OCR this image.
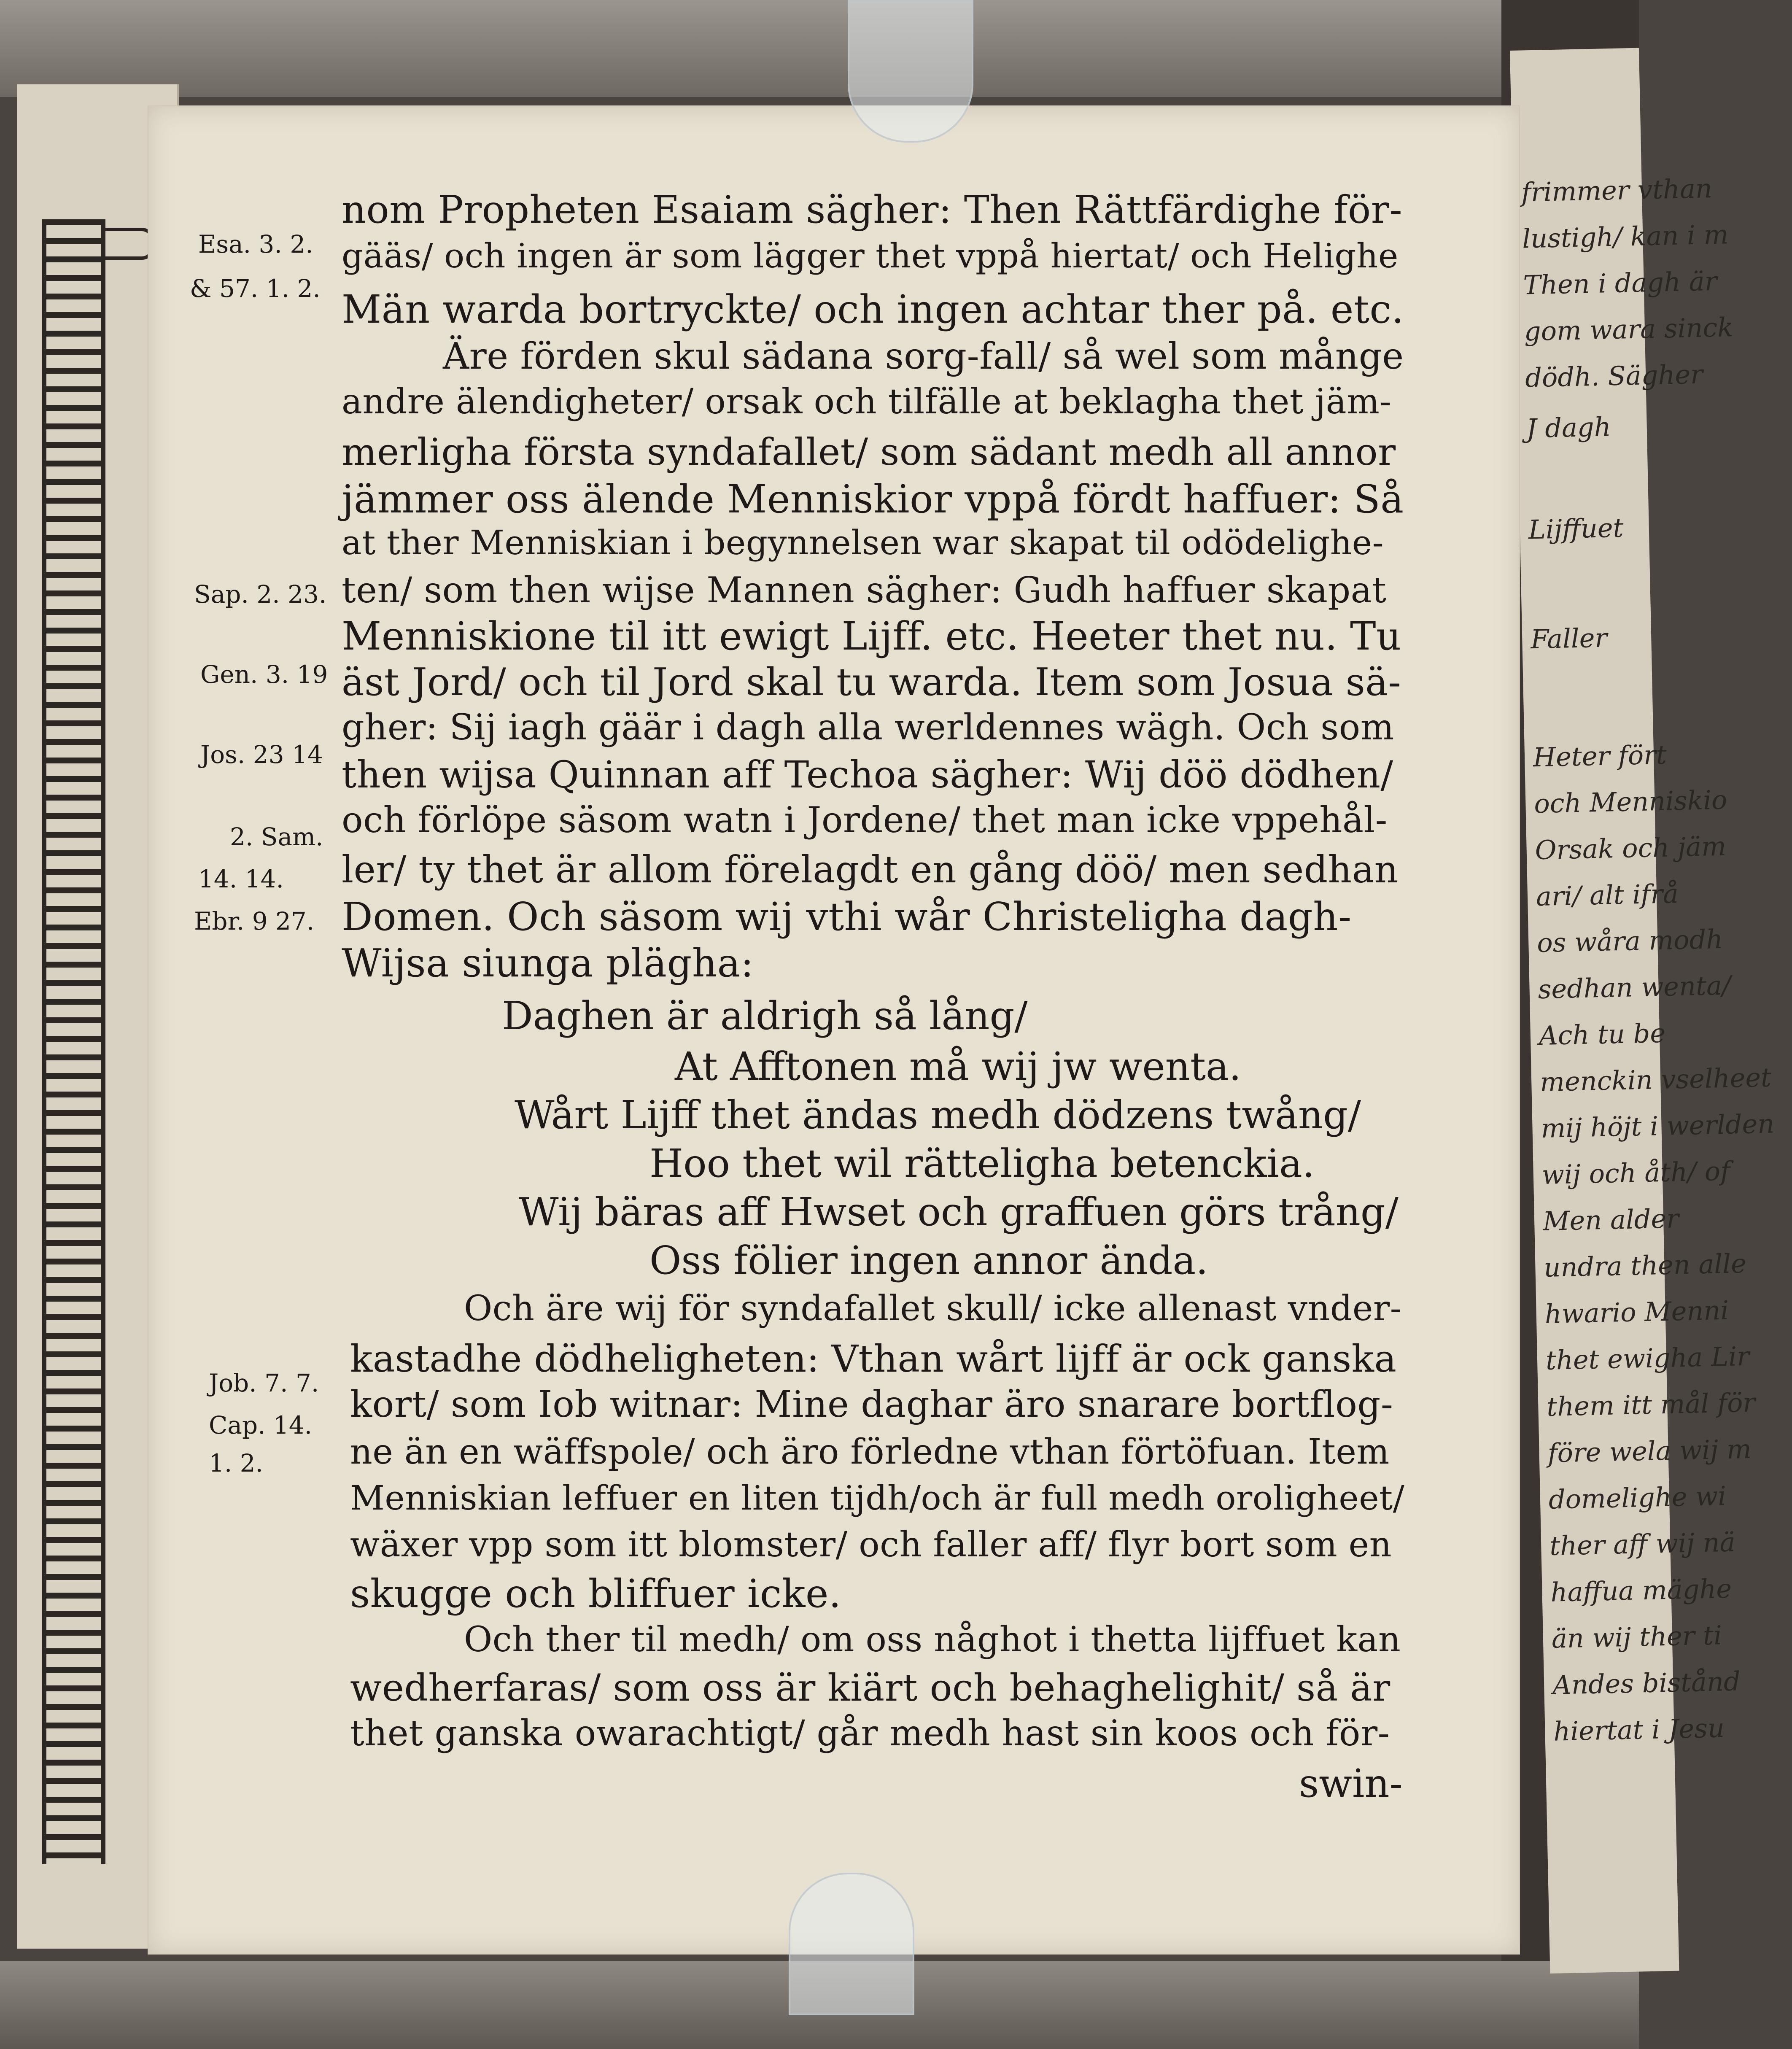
frimmer vthan
lustigh/ kan i m
Then i dagh är
gom wara sinck
dödh. Sägher
J dagh
Lijffuet
Faller
Heter fört
och Menniskio
Orsak och jäm
ari/ alt ifrå
os wåra modh
sedhan wenta/
Ach tu be
menckin vselheet
mij höjt i werlden
wij och åth/ of
Men alder
undra then alle
hwario Menni
thet ewigha Lir
them itt mål för
före wela wij m
domelighe wi
ther aff wij nä
haffua mäghe
än wij ther ti
Andes bistånd
hiertat i Jesu
Esa. 3. 2.
& 57. 1. 2.
Sap. 2. 23.
Gen. 3. 19
Jos. 23 14
2. Sam.
14. 14.
Ebr. 9 27.
Job. 7. 7.
Cap. 14.
1. 2.
nom Propheten Esaiam sägher: Then Rättfärdighe för-
gääs/ och ingen är som lägger thet vppå hiertat/ och Helighe
Män warda bortryckte/ och ingen achtar ther på. etc.
Äre förden skul sädana sorg-fall/ så wel som månge
andre älendigheter/ orsak och tilfälle at beklagha thet jäm-
merligha första syndafallet/ som sädant medh all annor
jämmer oss älende Menniskior vppå fördt haffuer: Så
at ther Menniskian i begynnelsen war skapat til odödelighe-
ten/ som then wijse Mannen sägher: Gudh haffuer skapat
Menniskione til itt ewigt Lijff. etc. Heeter thet nu. Tu
äst Jord/ och til Jord skal tu warda. Item som Josua sä-
gher: Sij iagh gäär i dagh alla werldennes wägh. Och som
then wijsa Quinnan aff Techoa sägher: Wij döö dödhen/
och förlöpe säsom watn i Jordene/ thet man icke vppehål-
ler/ ty thet är allom förelagdt en gång döö/ men sedhan
Domen. Och säsom wij vthi wår Christeligha dagh-
Wijsa siunga plägha:
Daghen är aldrigh så lång/
At Afftonen må wij jw wenta.
Wårt Lijff thet ändas medh dödzens twång/
Hoo thet wil rätteligha betenckia.
Wij bäras aff Hwset och graffuen görs trång/
Oss fölier ingen annor ända.
Och äre wij för syndafallet skull/ icke allenast vnder-
kastadhe dödheligheten: Vthan wårt lijff är ock ganska
kort/ som Iob witnar: Mine daghar äro snarare bortflog-
ne än en wäffspole/ och äro förledne vthan förtöfuan. Item
Menniskian leffuer en liten tijdh/och är full medh oroligheet/
wäxer vpp som itt blomster/ och faller aff/ flyr bort som en
skugge och bliffuer icke.
Och ther til medh/ om oss någhot i thetta lijffuet kan
wedherfaras/ som oss är kiärt och behaghelighit/ så är
thet ganska owarachtigt/ går medh hast sin koos och för-
swin-
